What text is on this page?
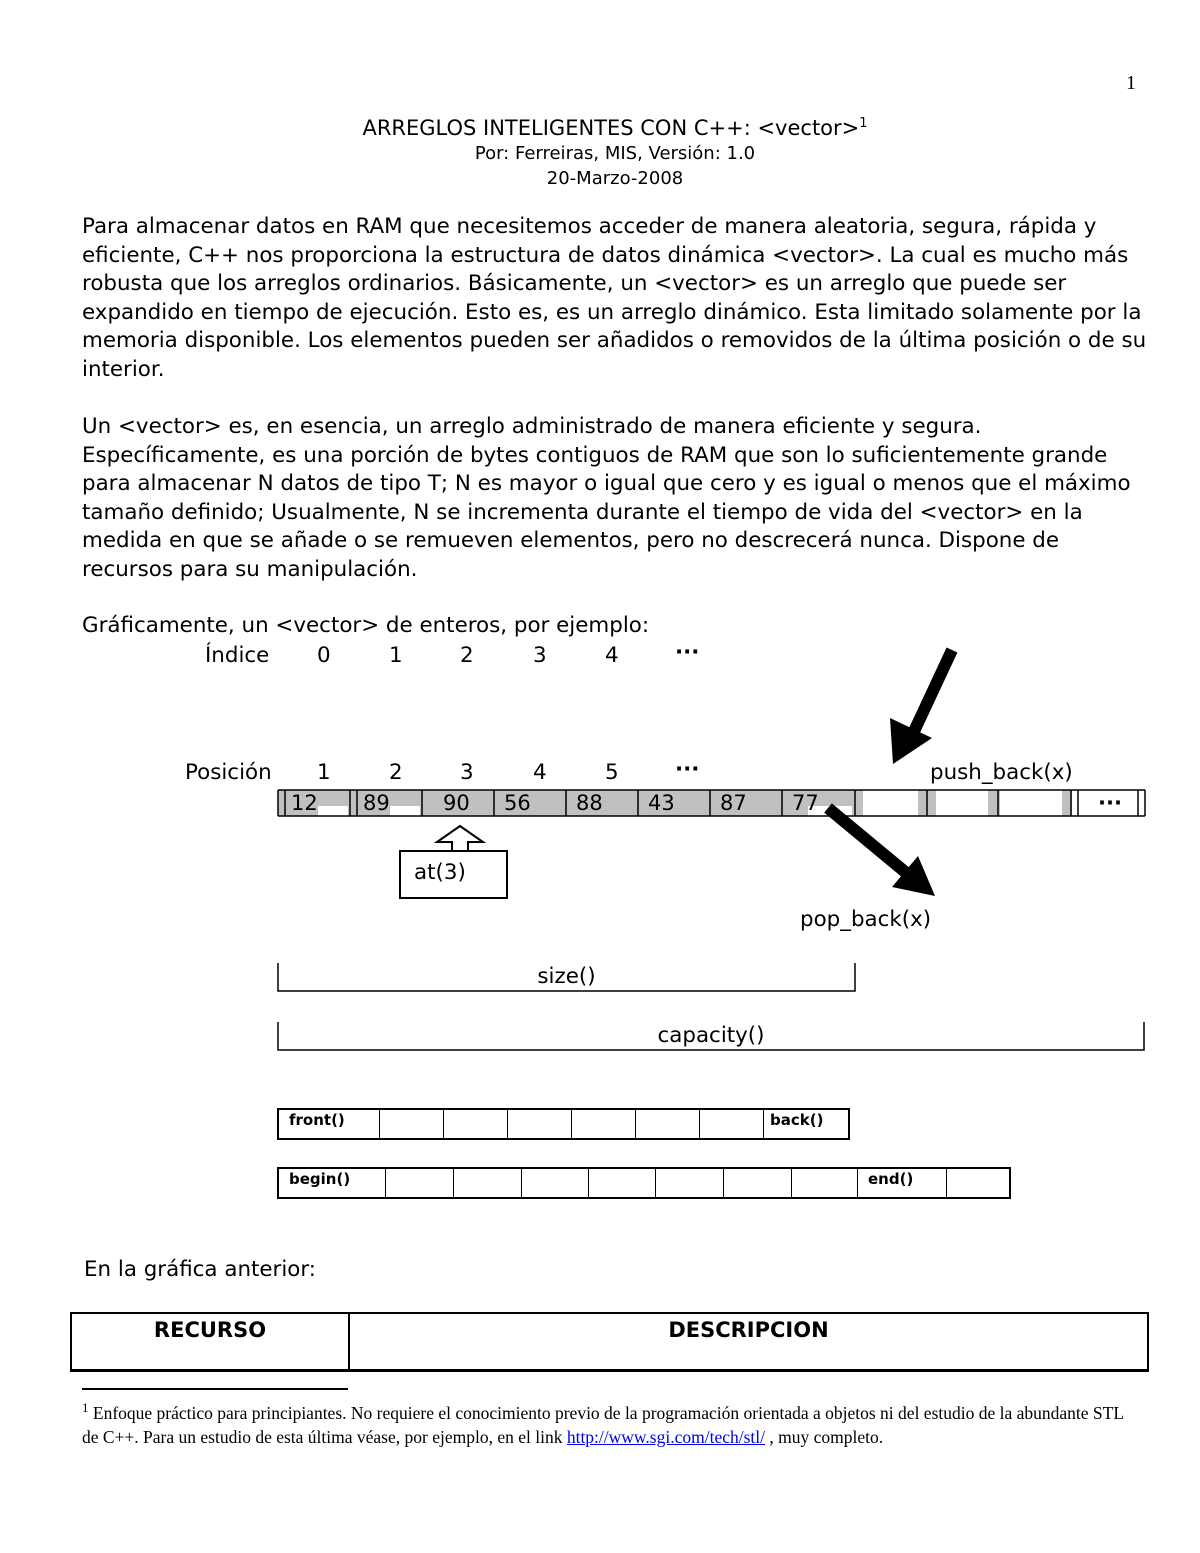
1
ARREGLOS INTELIGENTES CON C++: <vector>$^1$
Por: Ferreiras, MIS, Versión: 1.0
20-Marzo-2008

Para almacenar datos en RAM que necesitemos acceder de manera aleatoria, segura, rápida y eficiente, C++ nos proporciona la estructura de datos dinámica <vector>. La cual es mucho más robusta que los arreglos ordinarios. Básicamente, un <vector> es un arreglo que puede ser expandido en tiempo de ejecución. Esto es, es un arreglo dinámico. Esta limitado solamente por la memoria disponible. Los elementos pueden ser añadidos o removidos de la última posición o de su interior.

Un <vector> es, en esencia, un arreglo administrado de manera eficiente y segura. Específicamente, es una porción de bytes contiguos de RAM que son lo suficientemente grande para almacenar N datos de tipo T; N es mayor o igual que cero y es igual o menos que el máximo tamaño definido; Usualmente, N se incrementa durante el tiempo de vida del <vector> en la medida en que se añade o se remueven elementos, pero no descrecerá nunca. Dispone de recursos para su manipulación.

Gráficamente, un <vector> de enteros, por ejemplo:
Índice 0	1	2	3	4	···
Posición 1	2	3	4	5	···	push_back(x)
12 89	90 56 88 43 87 77	···
at(3)
pop_back(x)
size()
capacity()
front()	back()
begin()	end()
En la gráfica anterior:
RECURSO	DESCRIPCION
$^1$ Enfoque práctico para principiantes. No requiere el conocimiento previo de la programación orientada a objetos ni del estudio de la abundante STL de C++. Para un estudio de esta última véase, por ejemplo, en el link http://www.sgi.com/tech/stl/ , muy completo.
